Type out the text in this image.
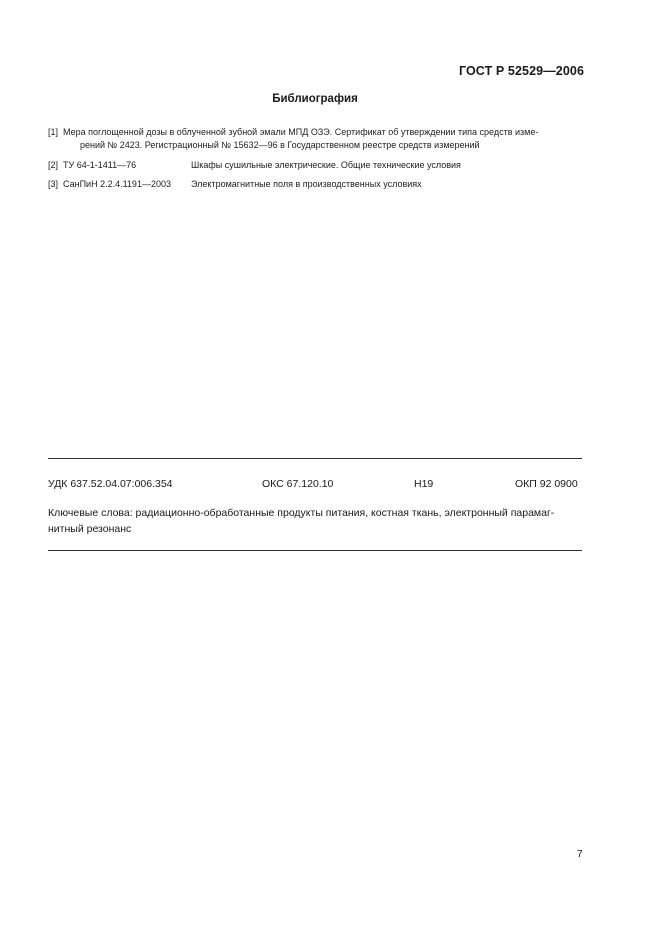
ГОСТ Р 52529—2006
Библиография
[1] Мера поглощенной дозы в облученной зубной эмали МПД ОЗЭ. Сертификат об утверждении типа средств изме-
рений № 2423. Регистрационный № 15632—96 в Государственном реестре средств измерений
[2] ТУ 64-1-1411—76	Шкафы сушильные электрические. Общие технические условия
[3] СанПиН 2.2.4.1191—2003 Электромагнитные поля в производственных условиях
УДК 637.52.04.07:006.354	ОКС 67.120.10	Н19	ОКП 92 0900
Ключевые слова: радиационно-обработанные продукты питания, костная ткань, электронный парамаг-
нитный резонанс
7
